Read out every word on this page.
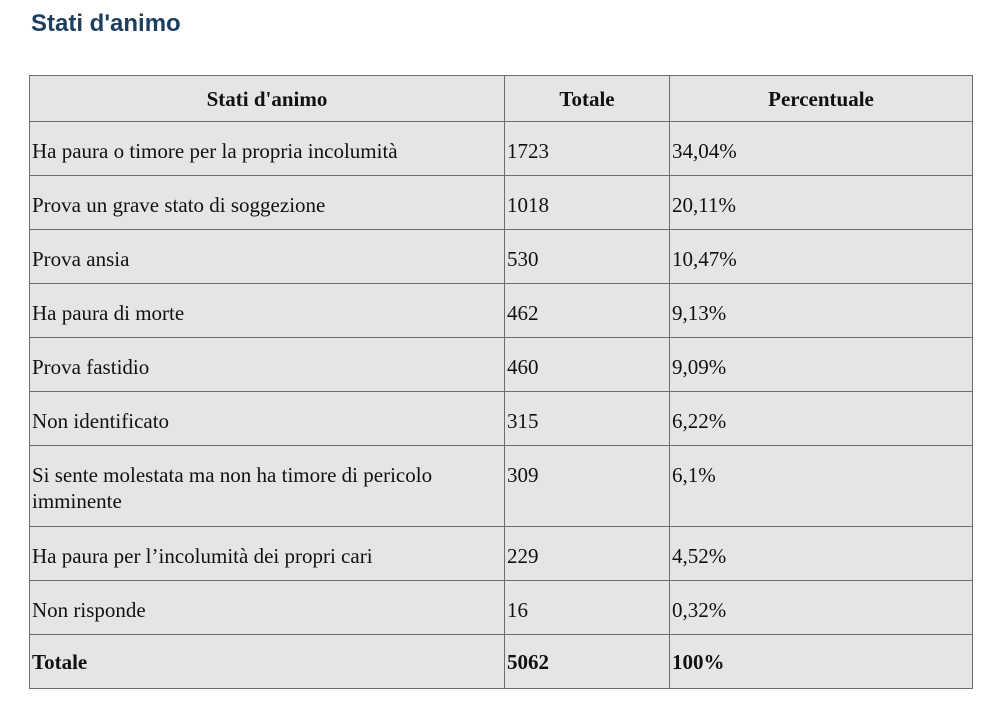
Stati d'animo
Stati d'animo	Totale	Percentuale
Ha paura o timore per la propria incolumità	1723	34,04%
Prova un grave stato di soggezione	1018	20,11%
Prova ansia	530	10,47%
Ha paura di morte	462	9,13%
Prova fastidio	460	9,09%
Non identificato	315	6,22%
Si sente molestata ma non ha timore di pericolo imminente	309	6,1%
Ha paura per l’incolumità dei propri cari	229	4,52%
Non risponde	16	0,32%
Totale	5062	100%
